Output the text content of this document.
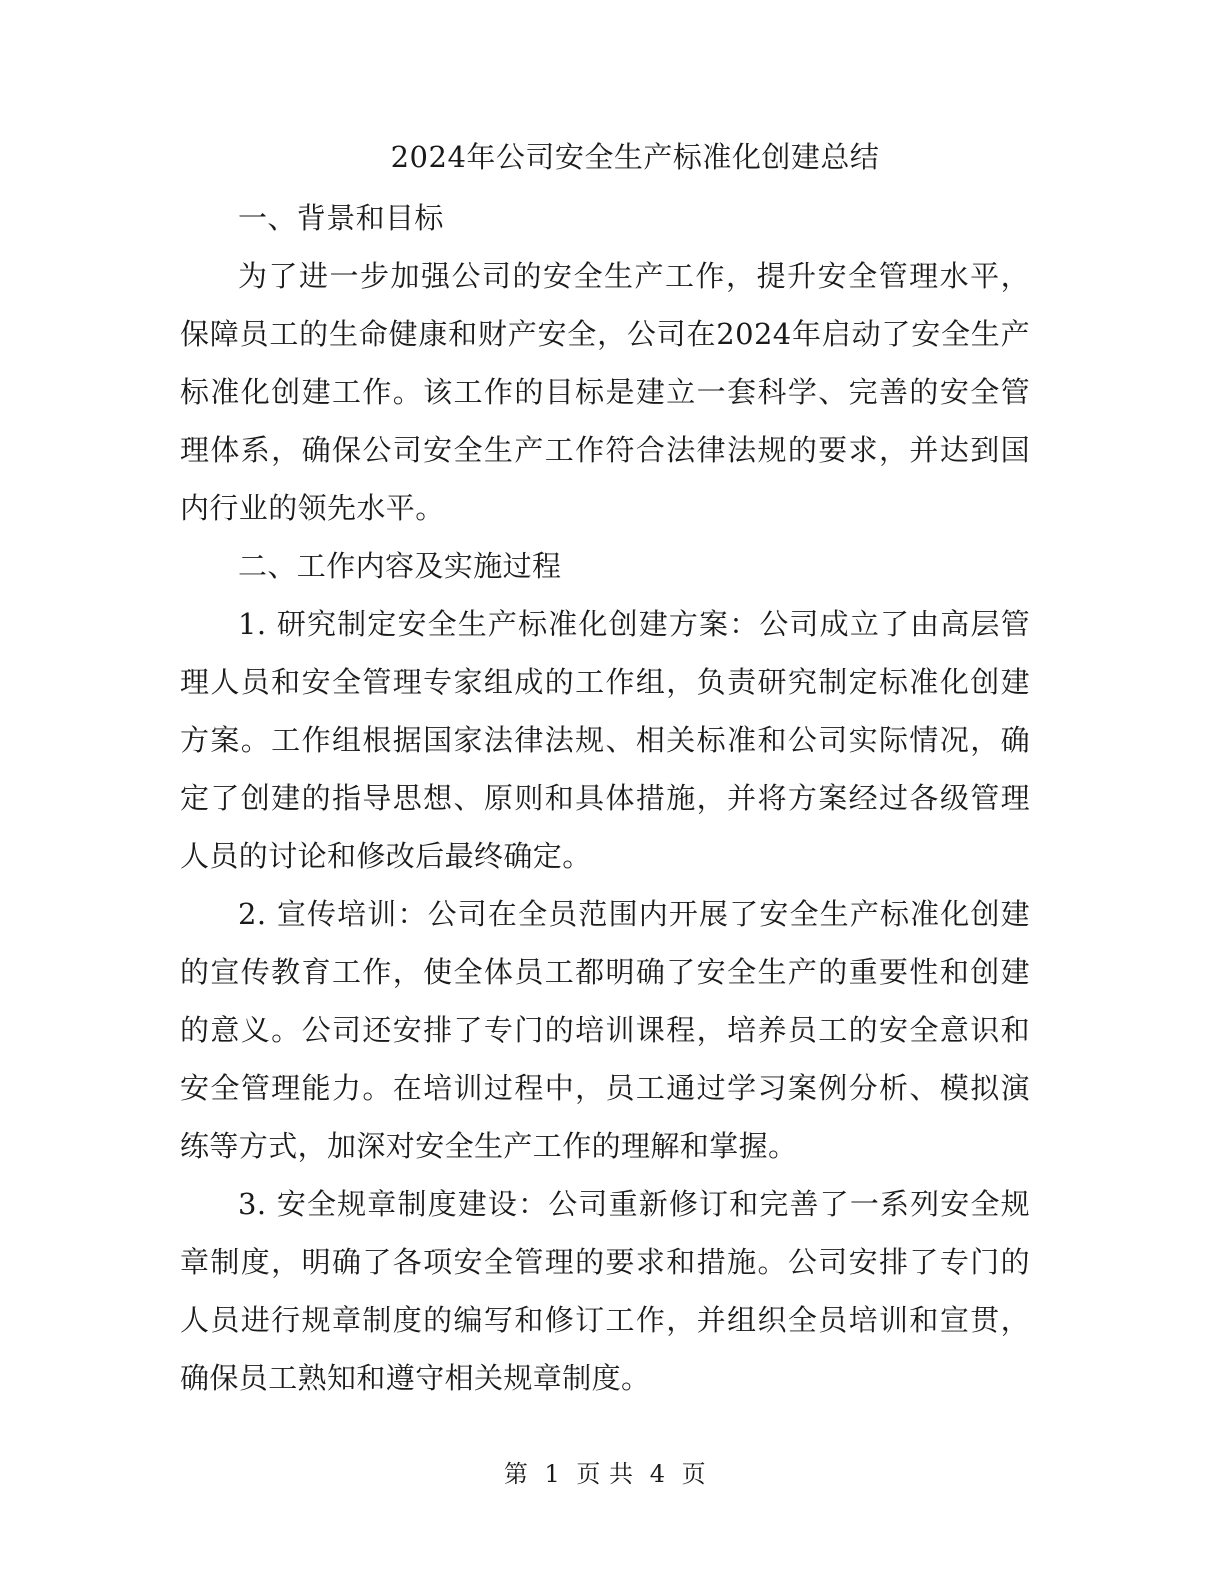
2024年公司安全生产标准化创建总结

一、背景和目标

为了进一步加强公司的安全生产工作，提升安全管理水平，保障员工的生命健康和财产安全，公司在2024年启动了安全生产标准化创建工作。该工作的目标是建立一套科学、完善的安全管理体系，确保公司安全生产工作符合法律法规的要求，并达到国内行业的领先水平。

二、工作内容及实施过程

1. 研究制定安全生产标准化创建方案：公司成立了由高层管理人员和安全管理专家组成的工作组，负责研究制定标准化创建方案。工作组根据国家法律法规、相关标准和公司实际情况，确定了创建的指导思想、原则和具体措施，并将方案经过各级管理人员的讨论和修改后最终确定。

2. 宣传培训：公司在全员范围内开展了安全生产标准化创建的宣传教育工作，使全体员工都明确了安全生产的重要性和创建的意义。公司还安排了专门的培训课程，培养员工的安全意识和安全管理能力。在培训过程中，员工通过学习案例分析、模拟演练等方式，加深对安全生产工作的理解和掌握。

3. 安全规章制度建设：公司重新修订和完善了一系列安全规章制度，明确了各项安全管理的要求和措施。公司安排了专门的人员进行规章制度的编写和修订工作，并组织全员培训和宣贯，确保员工熟知和遵守相关规章制度。

第 1 页 共 4 页
